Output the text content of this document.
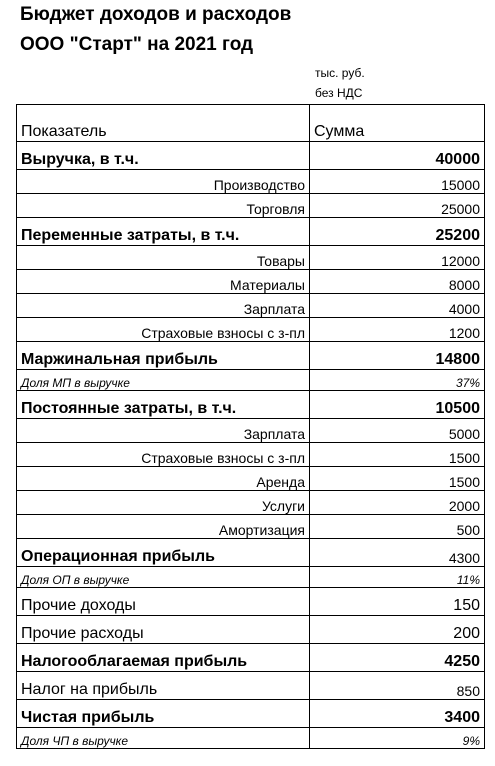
Бюджет доходов и расходов
ООО "Старт" на 2021 год
тыс. руб.
без НДС
Показатель	Сумма
Выручка, в т.ч.	40000
Производство	15000
Торговля	25000
Переменные затраты, в т.ч.	25200
Товары	12000
Материалы	8000
Зарплата	4000
Страховые взносы с з-пл	1200
Маржинальная прибыль	14800
Доля МП в выручке	37%
Постоянные затраты, в т.ч.	10500
Зарплата	5000
Страховые взносы с з-пл	1500
Аренда	1500
Услуги	2000
Амортизация	500
Операционная прибыль	4300
Доля ОП в выручке	11%
Прочие доходы	150
Прочие расходы	200
Налогооблагаемая прибыль	4250
Налог на прибыль	850
Чистая прибыль	3400
Доля ЧП в выручке	9%
